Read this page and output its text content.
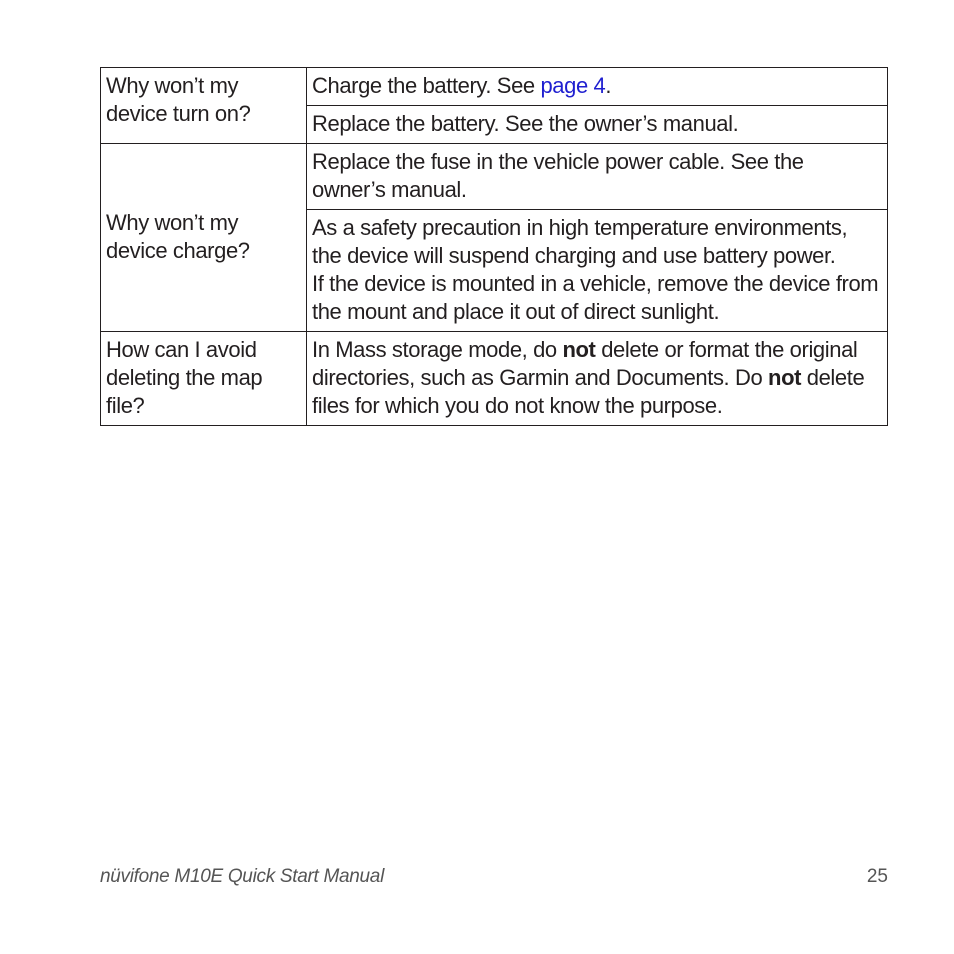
Why won’t my device turn on?	Charge the battery. See page 4.
	Replace the battery. See the owner’s manual.
Why won’t my device charge?	Replace the fuse in the vehicle power cable. See the owner’s manual.

	As a safety precaution in high temperature environments, the device will suspend charging and use battery power.
If the device is mounted in a vehicle, remove the device from the mount and place it out of direct sunlight.

How can I avoid deleting the map file?	In Mass storage mode, do not delete or format the original directories, such as Garmin and Documents. Do not delete files for which you do not know the purpose.
nüvifone M10E Quick Start Manual	25
